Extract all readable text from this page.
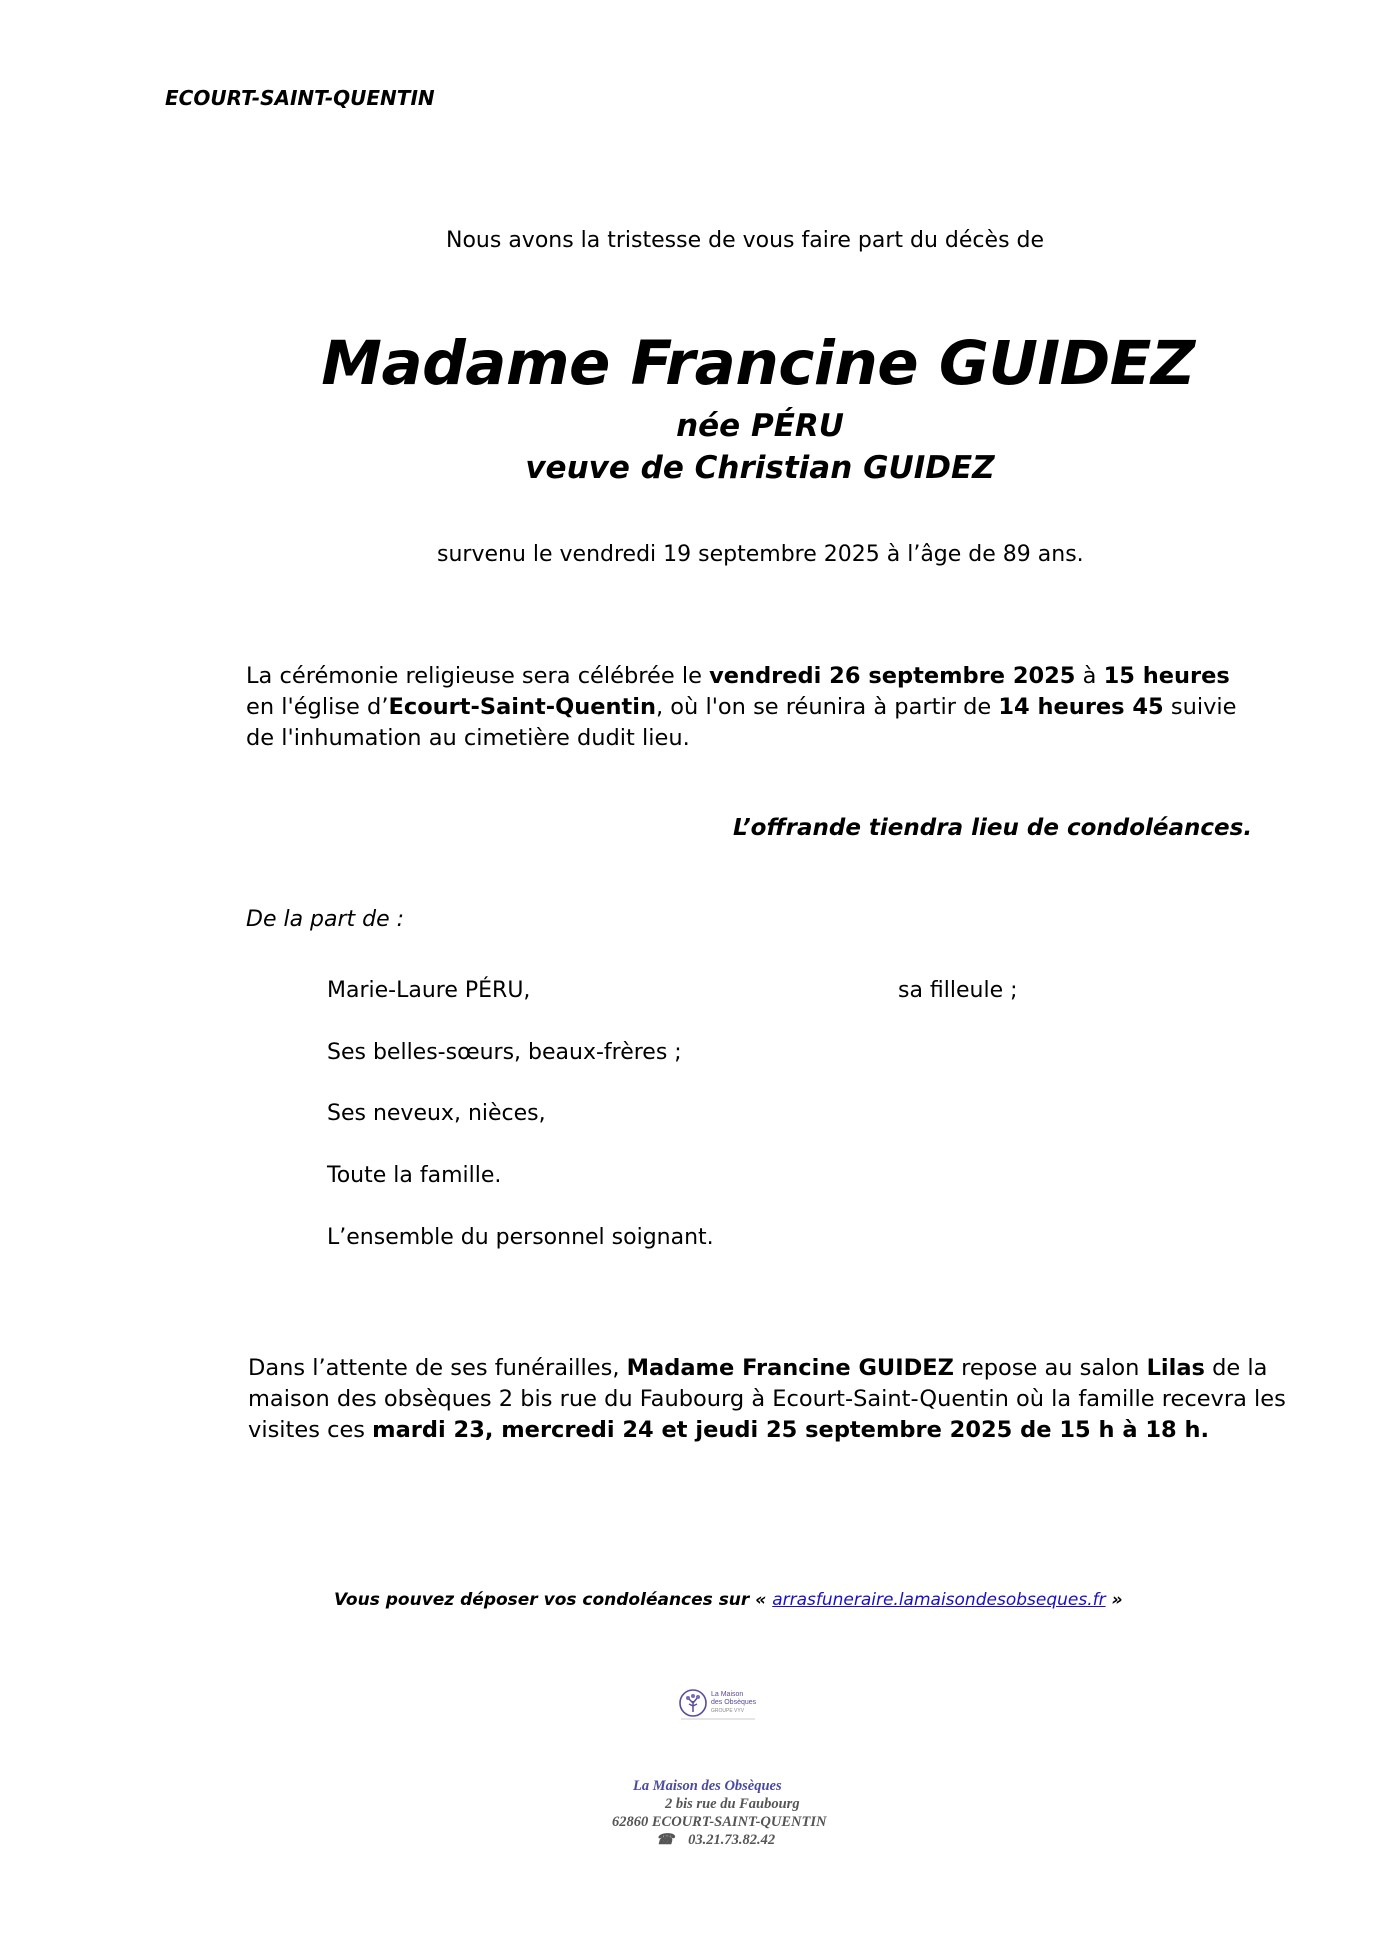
ECOURT-SAINT-QUENTIN
Nous avons la tristesse de vous faire part du décès de
Madame Francine GUIDEZ
née PÉRU
veuve de Christian GUIDEZ
survenu le vendredi 19 septembre 2025 à l’âge de 89 ans.
La cérémonie religieuse sera célébrée le vendredi 26 septembre 2025 à 15 heures
en l'église d’Ecourt-Saint-Quentin, où l'on se réunira à partir de 14 heures 45 suivie
de l'inhumation au cimetière dudit lieu.
L’offrande tiendra lieu de condoléances.
De la part de :
Marie-Laure PÉRU,	sa filleule ;
Ses belles-sœurs, beaux-frères ;
Ses neveux, nièces,
Toute la famille.
L’ensemble du personnel soignant.
Dans l’attente de ses funérailles, Madame Francine GUIDEZ repose au salon Lilas de la
maison des obsèques 2 bis rue du Faubourg à Ecourt-Saint-Quentin où la famille recevra les
visites ces mardi 23, mercredi 24 et jeudi 25 septembre 2025 de 15 h à 18 h.
Vous pouvez déposer vos condoléances sur « arrasfuneraire.lamaisondesobseques.fr »
La Maison
des Obsèques
GROUPE VYV
La Maison des Obsèques
2 bis rue du Faubourg
62860 ECOURT-SAINT-QUENTIN
☎ 03.21.73.82.42
